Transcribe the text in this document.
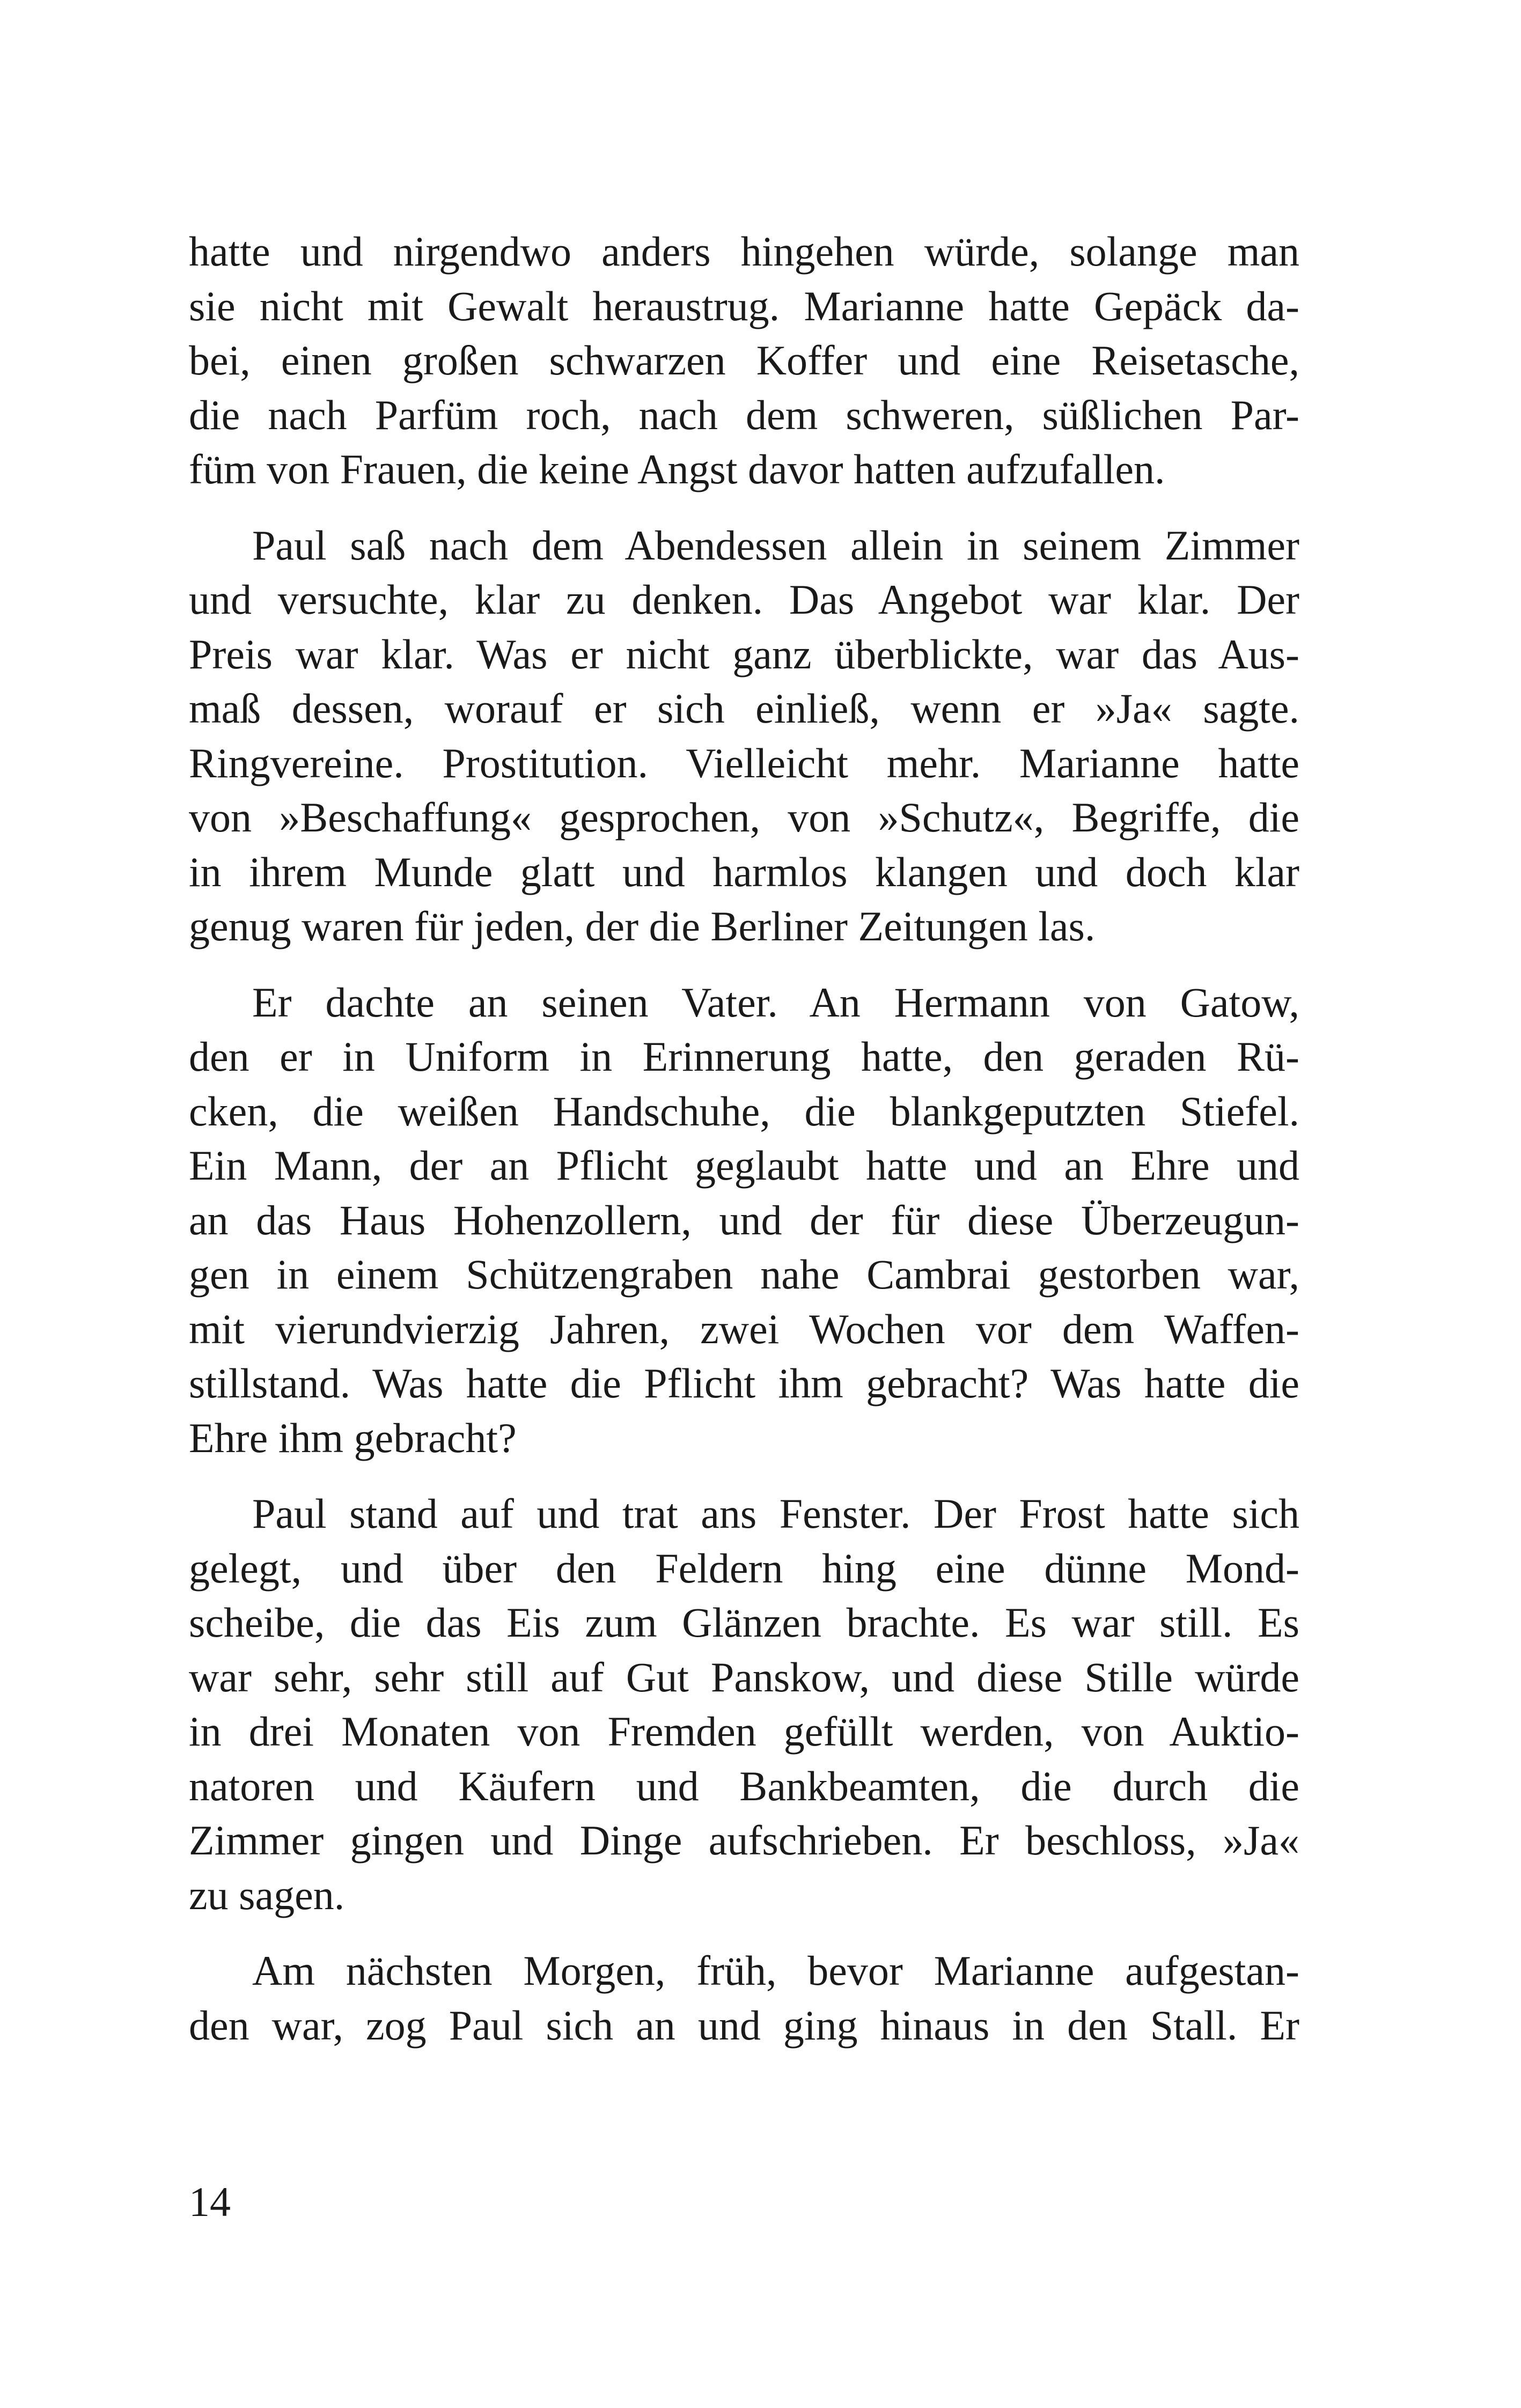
hatte und nirgendwo anders hingehen würde, solange man
sie nicht mit Gewalt heraustrug. Marianne hatte Gepäck da-
bei, einen großen schwarzen Koffer und eine Reisetasche,
die nach Parfüm roch, nach dem schweren, süßlichen Par-
füm von Frauen, die keine Angst davor hatten aufzufallen.
Paul saß nach dem Abendessen allein in seinem Zimmer
und versuchte, klar zu denken. Das Angebot war klar. Der
Preis war klar. Was er nicht ganz überblickte, war das Aus-
maß dessen, worauf er sich einließ, wenn er »Ja« sagte.
Ringvereine. Prostitution. Vielleicht mehr. Marianne hatte
von »Beschaffung« gesprochen, von »Schutz«, Begriffe, die
in ihrem Munde glatt und harmlos klangen und doch klar
genug waren für jeden, der die Berliner Zeitungen las.
Er dachte an seinen Vater. An Hermann von Gatow,
den er in Uniform in Erinnerung hatte, den geraden Rü-
cken, die weißen Handschuhe, die blankgeputzten Stiefel.
Ein Mann, der an Pflicht geglaubt hatte und an Ehre und
an das Haus Hohenzollern, und der für diese Überzeugun-
gen in einem Schützengraben nahe Cambrai gestorben war,
mit vierundvierzig Jahren, zwei Wochen vor dem Waffen-
stillstand. Was hatte die Pflicht ihm gebracht? Was hatte die
Ehre ihm gebracht?
Paul stand auf und trat ans Fenster. Der Frost hatte sich
gelegt, und über den Feldern hing eine dünne Mond-
scheibe, die das Eis zum Glänzen brachte. Es war still. Es
war sehr, sehr still auf Gut Panskow, und diese Stille würde
in drei Monaten von Fremden gefüllt werden, von Auktio-
natoren und Käufern und Bankbeamten, die durch die
Zimmer gingen und Dinge aufschrieben. Er beschloss, »Ja«
zu sagen.
Am nächsten Morgen, früh, bevor Marianne aufgestan-
den war, zog Paul sich an und ging hinaus in den Stall. Er
14
